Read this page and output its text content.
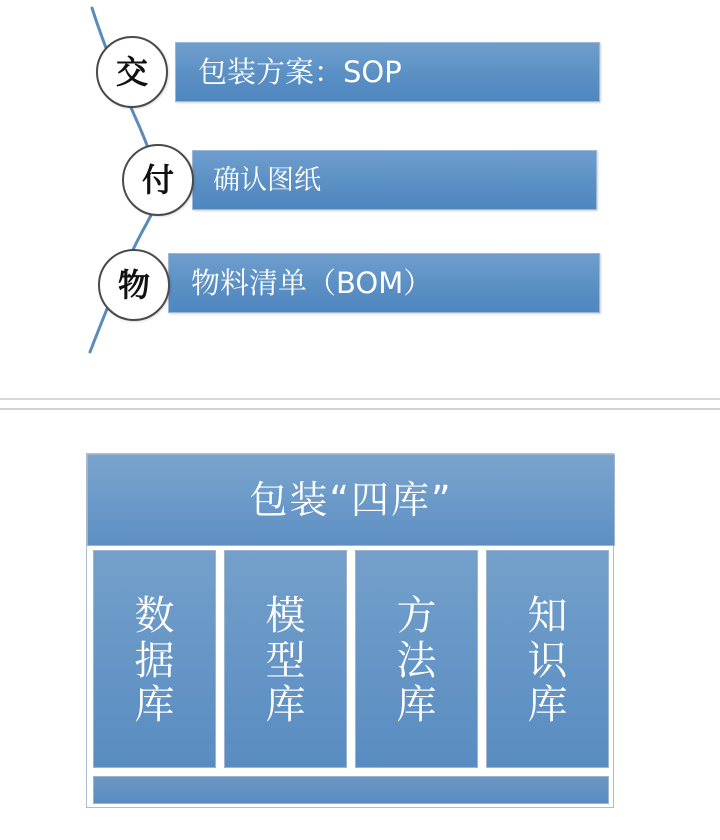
包装方案：SOP
交
确认图纸
付
物料清单（BOM）
物
包装“四库”
数
据
库
模
型
库
方
法
库
知
识
库
